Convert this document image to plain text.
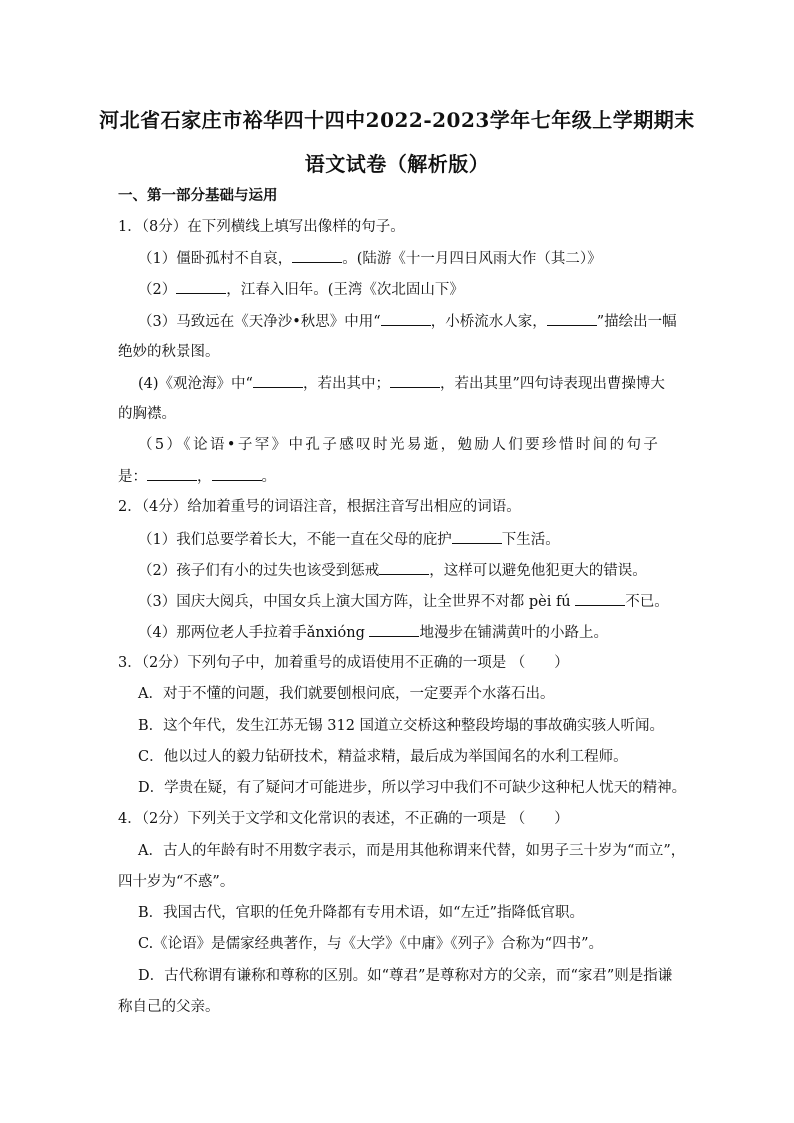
河北省石家庄市裕华四十四中2022-2023学年七年级上学期期末
语文试卷（解析版）
一、第一部分基础与运用
1．（8分）在下列横线上填写出像样的句子。
（1）僵卧孤村不自哀，	。(陆游《十一月四日风雨大作（其二）》
（2）	，江春入旧年。(王湾《次北固山下》
（3）马致远在《天净沙•秋思》中用“	，小桥流水人家，	”描绘出一幅
绝妙的秋景图。
(4)《观沧海》中“	，若出其中；	，若出其里”四句诗表现出曹操博大
的胸襟。
（5）《论语•子罕》中孔子感叹时光易逝，勉励人们要珍惜时间的句子
是：	，	。
2．（4分）给加着重号的词语注音，根据注音写出相应的词语。
（1）我们总要学着长大，不能一直在父母的庇护	下生活。
（2）孩子们有小的过失也该受到惩戒	，这样可以避免他犯更大的错误。
（3）国庆大阅兵，中国女兵上演大国方阵，让全世界不对都 pèi fú	不已。
（4）那两位老人手拉着手ǎnxióng	地漫步在铺满黄叶的小路上。
3．（2分）下列句子中，加着重号的成语使用不正确的一项是 （　　）
A．对于不懂的问题，我们就要刨根问底，一定要弄个水落石出。
B．这个年代，发生江苏无锡 312 国道立交桥这种整段垮塌的事故确实骇人听闻。
C．他以过人的毅力钻研技术，精益求精，最后成为举国闻名的水利工程师。
D．学贵在疑，有了疑问才可能进步，所以学习中我们不可缺少这种杞人忧天的精神。
4．（2分）下列关于文学和文化常识的表述，不正确的一项是 （　　）
A．古人的年龄有时不用数字表示，而是用其他称谓来代替，如男子三十岁为“而立”，
四十岁为“不惑”。
B．我国古代，官职的任免升降都有专用术语，如“左迁”指降低官职。
C.《论语》是儒家经典著作，与《大学》《中庸》《列子》合称为“四书”。
D．古代称谓有谦称和尊称的区别。如“尊君”是尊称对方的父亲，而“家君”则是指谦
称自己的父亲。
